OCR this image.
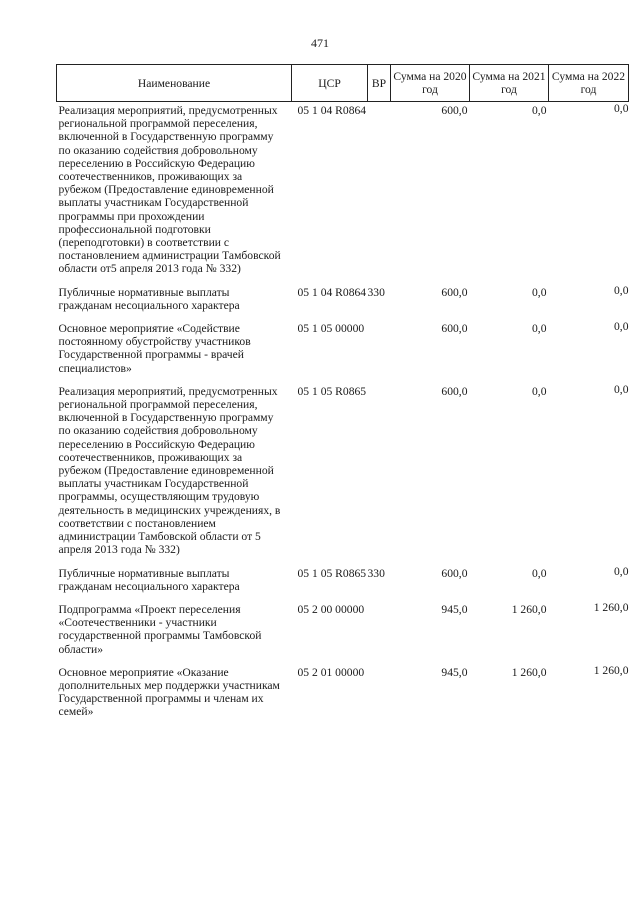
471
Наименование	ЦСР	ВР	Сумма на 2020 год	Сумма на 2021 год	Сумма на 2022 год
Реализация мероприятий, предусмотренных региональной программой переселения, включенной в Государственную программу по оказанию содействия добровольному переселению в Российскую Федерацию соотечественников, проживающих за рубежом (Предоставление единовременной выплаты участникам Государственной программы при прохождении профессиональной подготовки (переподготовки) в соответствии с постановлением администрации Тамбовской области от5 апреля 2013 года № 332)	05 1 04 R0864		600,0	0,0	0,0
Публичные нормативные выплаты гражданам несоциального характера	05 1 04 R0864	330	600,0	0,0	0,0
Основное мероприятие «Содействие постоянному обустройству участников Государственной программы - врачей специалистов»	05 1 05 00000		600,0	0,0	0,0
Реализация мероприятий, предусмотренных региональной программой переселения, включенной в Государственную программу по оказанию содействия добровольному переселению в Российскую Федерацию соотечественников, проживающих за рубежом (Предоставление единовременной выплаты участникам Государственной программы, осуществляющим трудовую деятельность в медицинских учреждениях, в соответствии с постановлением администрации Тамбовской области от 5 апреля 2013 года № 332)	05 1 05 R0865		600,0	0,0	0,0
Публичные нормативные выплаты гражданам несоциального характера	05 1 05 R0865	330	600,0	0,0	0,0
Подпрограмма «Проект переселения «Соотечественники - участники государственной программы Тамбовской области»	05 2 00 00000		945,0	1 260,0	1 260,0
Основное мероприятие «Оказание дополнительных мер поддержки участникам Государственной программы и членам их семей»	05 2 01 00000		945,0	1 260,0	1 260,0
